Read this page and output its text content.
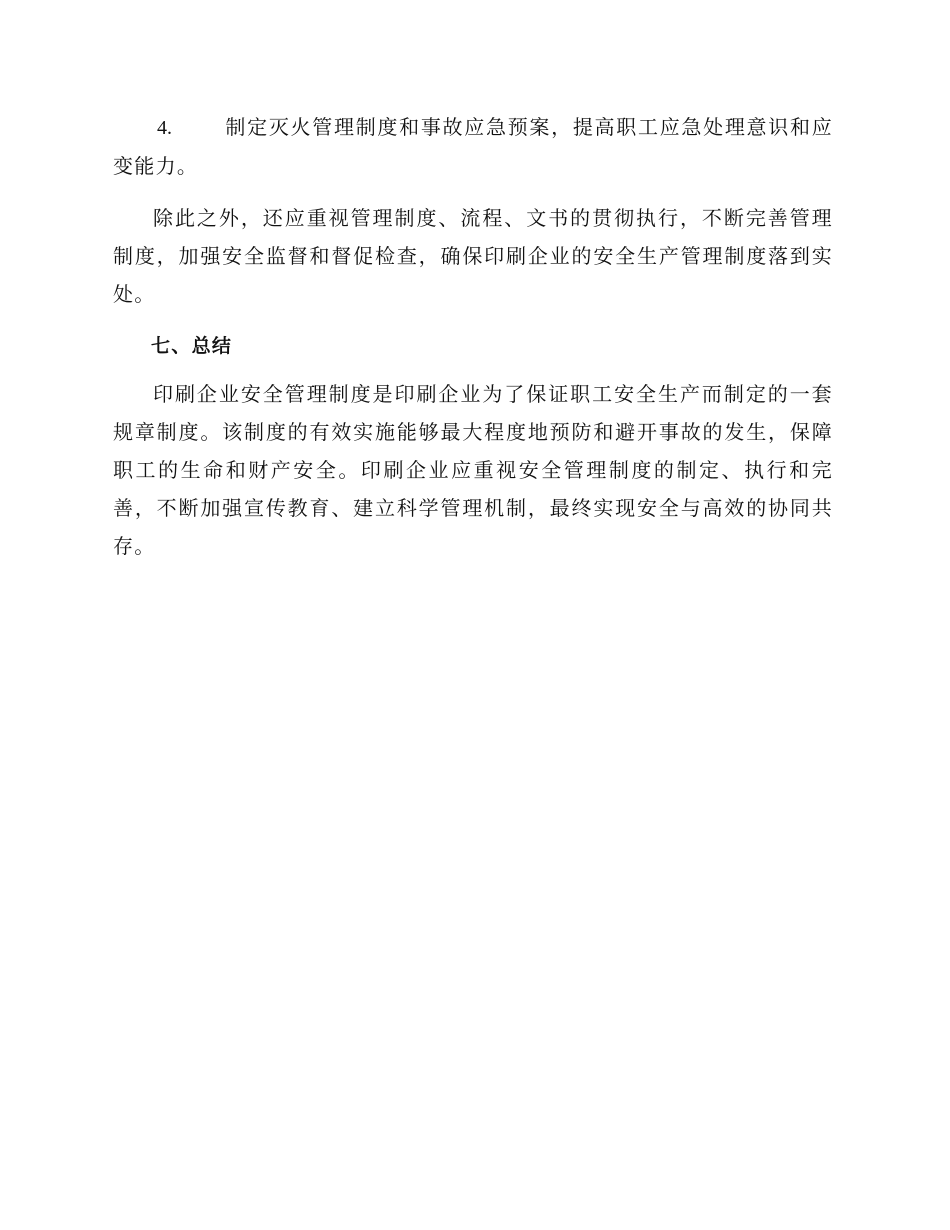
4.	制定灭火管理制度和事故应急预案，提高职工应急处理意识和应变能力。

除此之外，还应重视管理制度、流程、文书的贯彻执行，不断完善管理制度，加强安全监督和督促检查，确保印刷企业的安全生产管理制度落到实处。

七、总结

印刷企业安全管理制度是印刷企业为了保证职工安全生产而制定的一套规章制度。该制度的有效实施能够最大程度地预防和避开事故的发生，保障职工的生命和财产安全。印刷企业应重视安全管理制度的制定、执行和完善，不断加强宣传教育、建立科学管理机制，最终实现安全与高效的协同共存。
